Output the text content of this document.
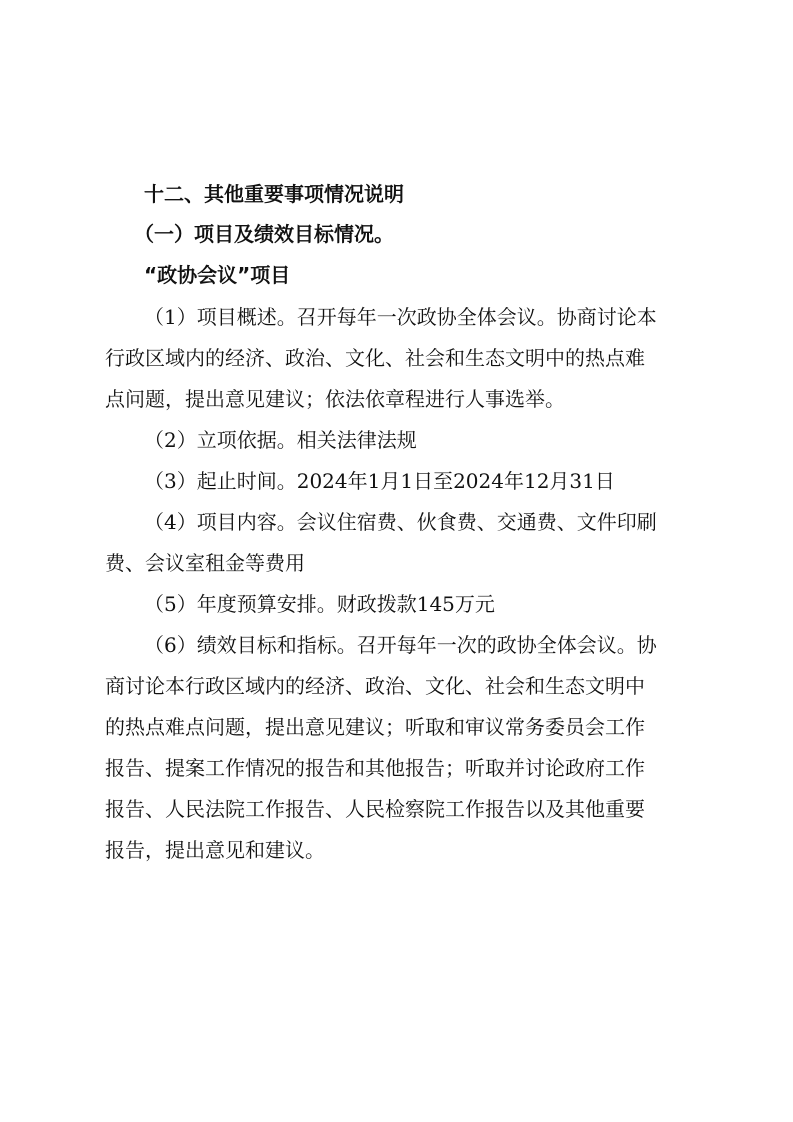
十二、其他重要事项情况说明
（一）项目及绩效目标情况。
“政协会议”项目
（1）项目概述。召开每年一次政协全体会议。协商讨论本
行政区域内的经济、政治、文化、社会和生态文明中的热点难
点问题，提出意见建议；依法依章程进行人事选举。
（2）立项依据。相关法律法规
（3）起止时间。2024年1月1日至2024年12月31日
（4）项目内容。会议住宿费、伙食费、交通费、文件印刷
费、会议室租金等费用
（5）年度预算安排。财政拨款145万元
（6）绩效目标和指标。召开每年一次的政协全体会议。协
商讨论本行政区域内的经济、政治、文化、社会和生态文明中
的热点难点问题，提出意见建议；听取和审议常务委员会工作
报告、提案工作情况的报告和其他报告；听取并讨论政府工作
报告、人民法院工作报告、人民检察院工作报告以及其他重要
报告，提出意见和建议。
